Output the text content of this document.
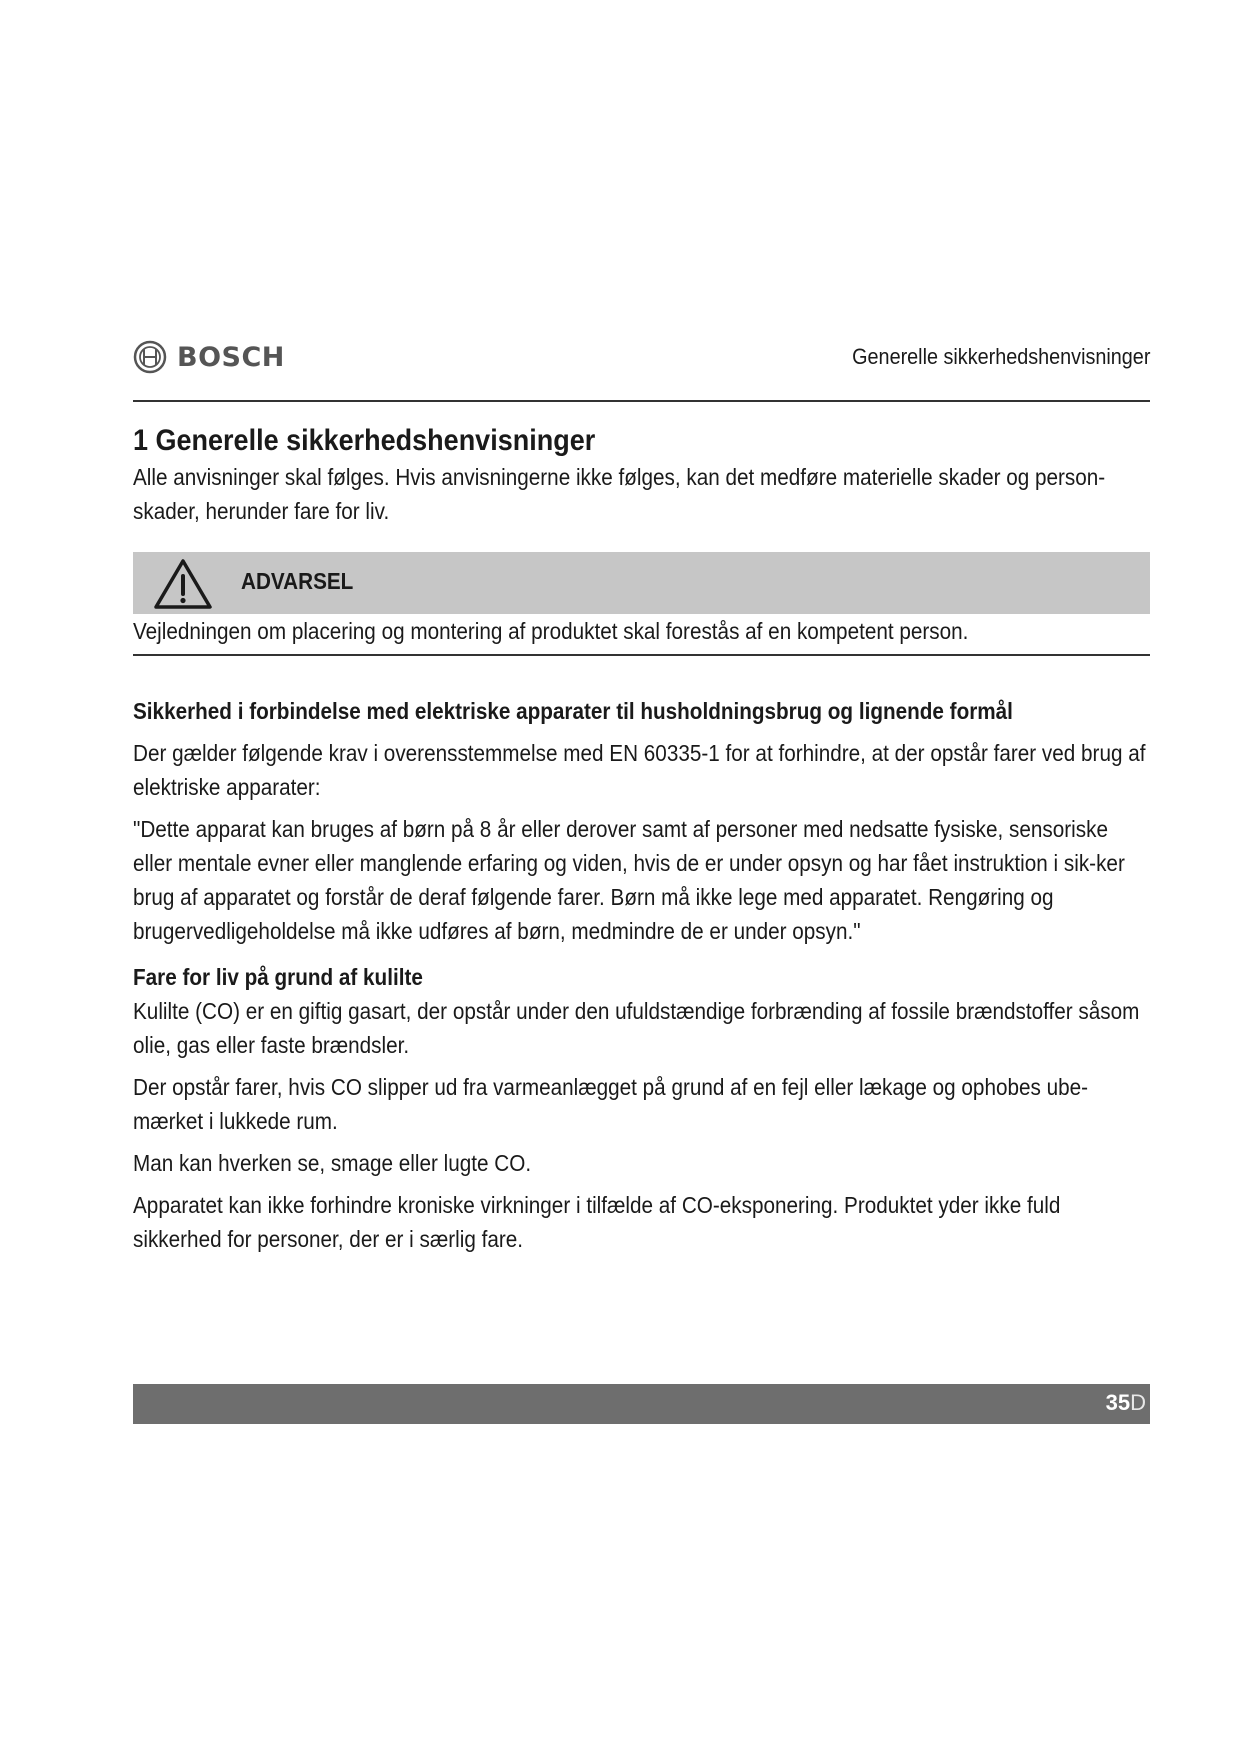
BOSCH	Generelle sikkerhedshenvisninger
1 Generelle sikkerhedshenvisninger

Alle anvisninger skal følges. Hvis anvisningerne ikke følges, kan det medføre materielle skader og person-skader, herunder fare for liv.

ADVARSEL

Vejledningen om placering og montering af produktet skal forestås af en kompetent person.

Sikkerhed i forbindelse med elektriske apparater til husholdningsbrug og lignende formål

Der gælder følgende krav i overensstemmelse med EN 60335-1 for at forhindre, at der opstår farer ved brug af elektriske apparater:

"Dette apparat kan bruges af børn på 8 år eller derover samt af personer med nedsatte fysiske, sensoriske eller mentale evner eller manglende erfaring og viden, hvis de er under opsyn og har fået instruktion i sik-ker brug af apparatet og forstår de deraf følgende farer. Børn må ikke lege med apparatet. Rengøring og brugervedligeholdelse må ikke udføres af børn, medmindre de er under opsyn."

Fare for liv på grund af kulilte

Kulilte (CO) er en giftig gasart, der opstår under den ufuldstændige forbrænding af fossile brændstoffer såsom olie, gas eller faste brændsler.

Der opstår farer, hvis CO slipper ud fra varmeanlægget på grund af en fejl eller lækage og ophobes ube-mærket i lukkede rum.

Man kan hverken se, smage eller lugte CO.

Apparatet kan ikke forhindre kroniske virkninger i tilfælde af CO-eksponering. Produktet yder ikke fuld sikkerhed for personer, der er i særlig fare.

35D
